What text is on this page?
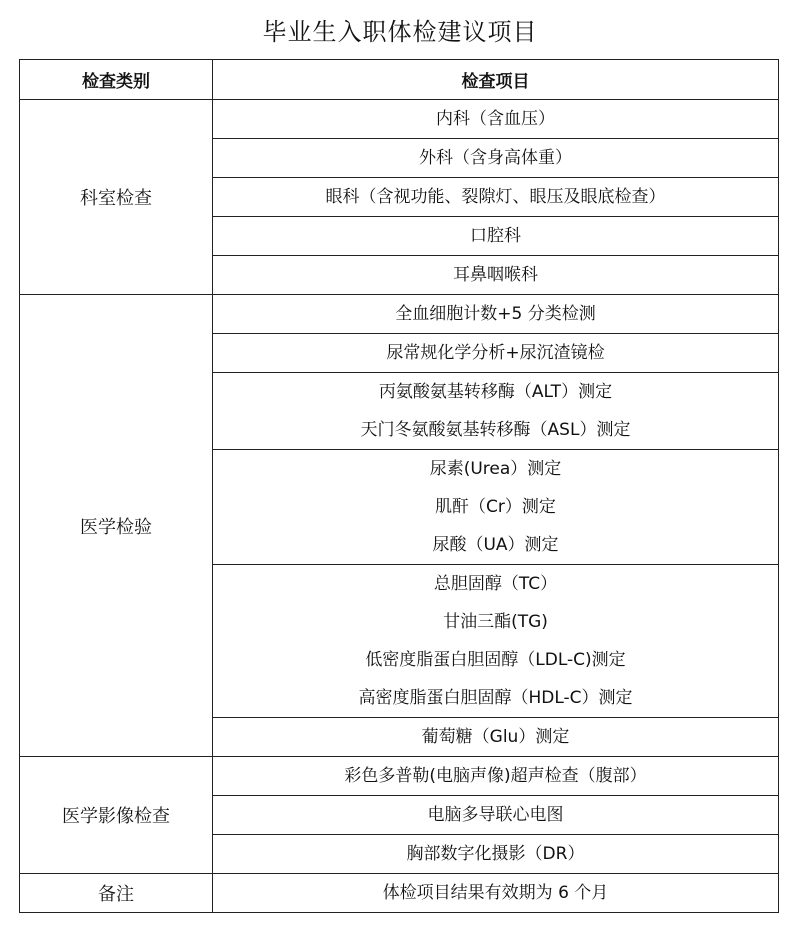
毕业生入职体检建议项目
检查类别	检查项目
科室检查	内科（含血压）
	外科（含身高体重）
	眼科（含视功能、裂隙灯、眼压及眼底检查）
	口腔科
	耳鼻咽喉科
医学检验	全血细胞计数+5 分类检测
	尿常规化学分析+尿沉渣镜检
	丙氨酸氨基转移酶（ALT）测定
	天门冬氨酸氨基转移酶（ASL）测定
	尿素(Urea）测定
	肌酐（Cr）测定
	尿酸（UA）测定
	总胆固醇（TC）
	甘油三酯(TG)
	低密度脂蛋白胆固醇（LDL-C)测定
	高密度脂蛋白胆固醇（HDL-C）测定
	葡萄糖（Glu）测定
医学影像检查	彩色多普勒(电脑声像)超声检查（腹部）
	电脑多导联心电图
	胸部数字化摄影（DR）
备注	体检项目结果有效期为 6 个月
